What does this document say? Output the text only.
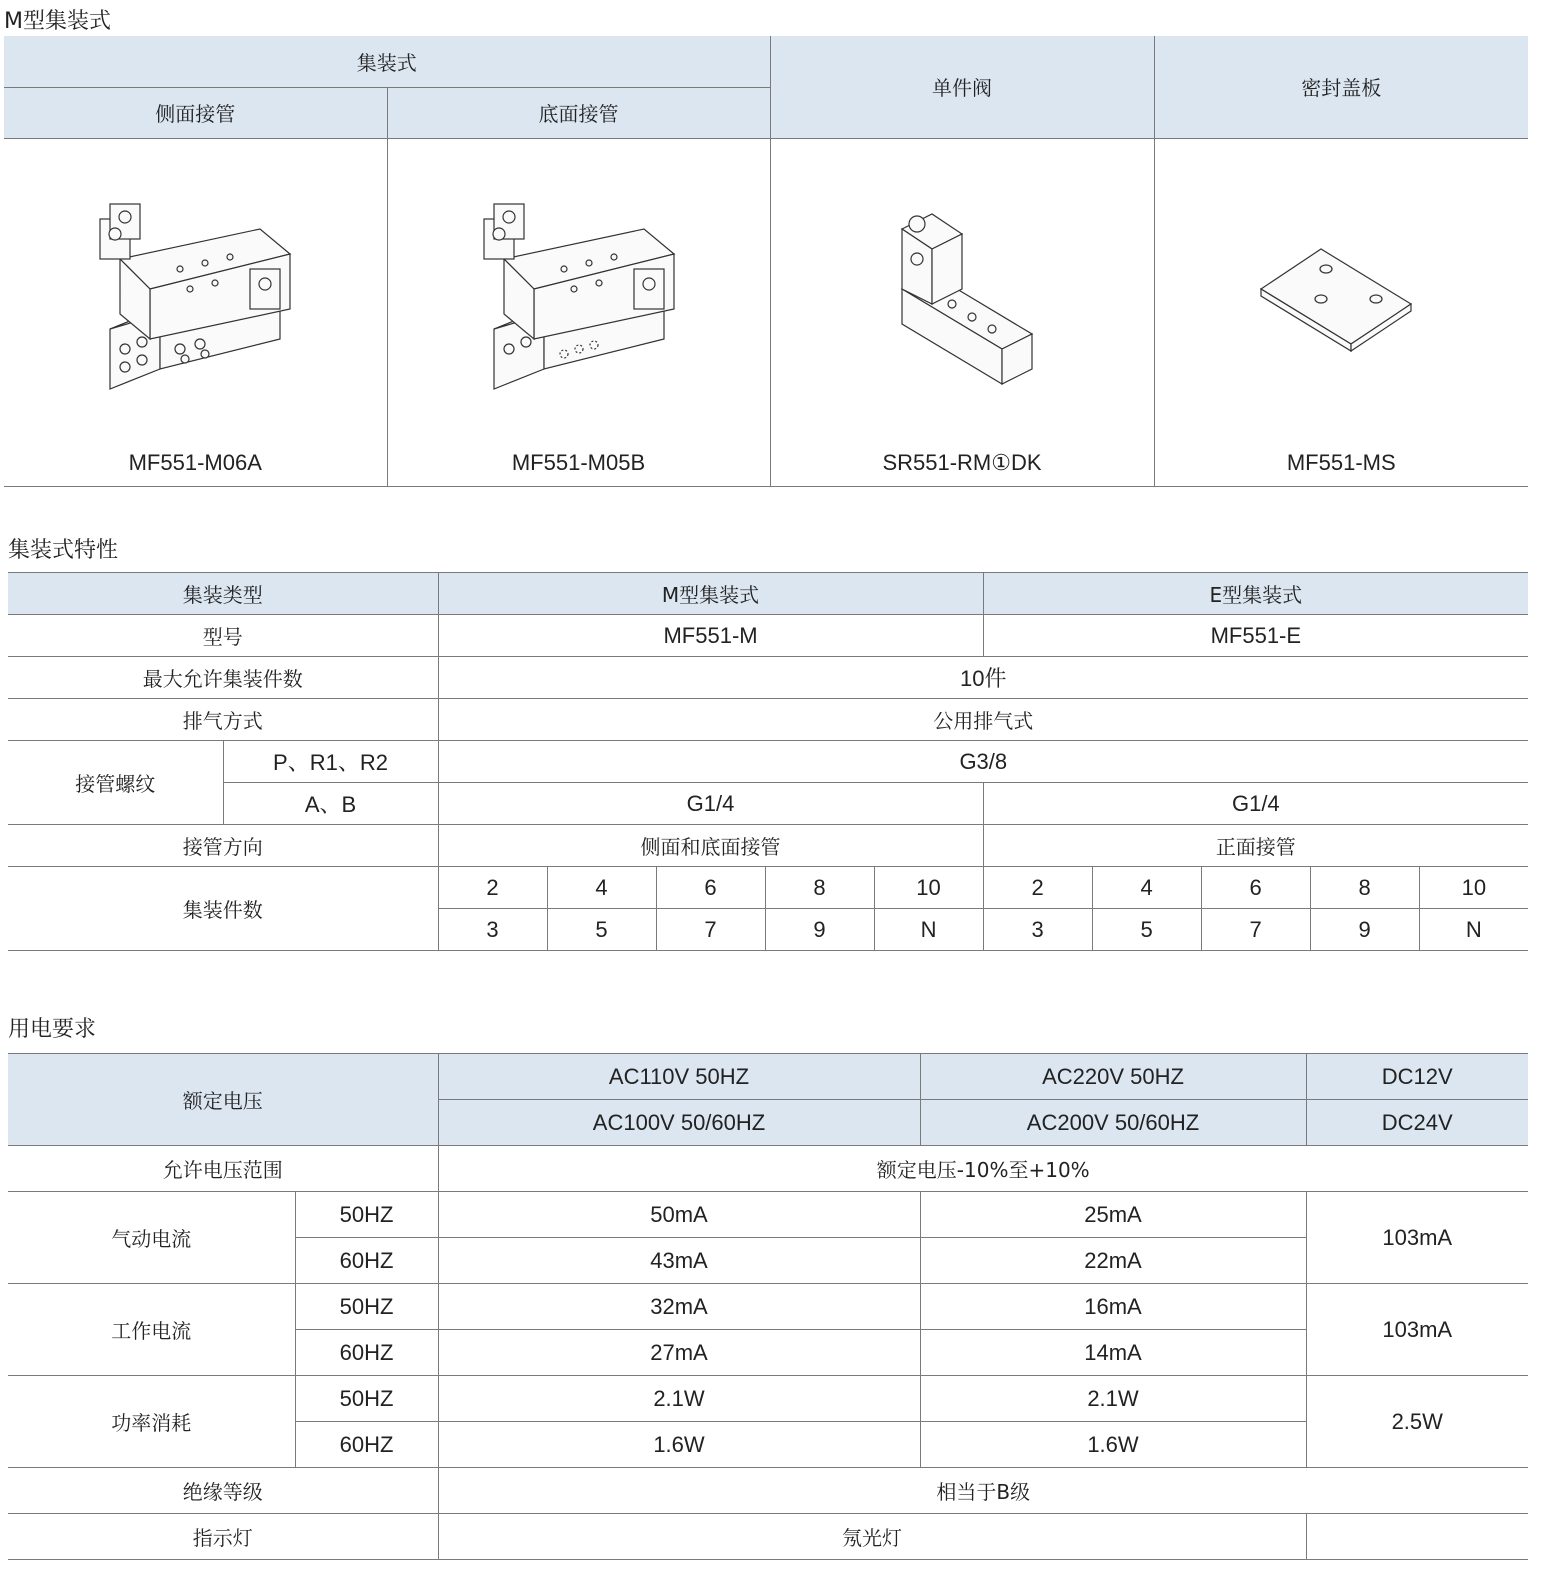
M型集装式
集装式		单件阀	密封盖板
侧面接管	底面接管		

MF551-M06A	MF551-M05B	SR551-RM①DK	MF551-MS
集装式特性
集装类型		M型集装式					E型集装式				
型号		MF551-M					MF551-E				
最大允许集装件数		10件									
排气方式		公用排气式									
接管螺纹	P、R1、R2	G3/8									
	A、B	G1/4					G1/4				
接管方向		侧面和底面接管					正面接管				
集装件数		2	4	6	8	10	2	4	6	8	10
		3	5	7	9	N	3	5	7	9	N
用电要求
额定电压		AC110V 50HZ	AC220V 50HZ	DC12V
		AC100V 50/60HZ	AC200V 50/60HZ	DC24V
允许电压范围		额定电压-10%至+10%		
气动电流	50HZ	50mA	25mA	103mA
	60HZ	43mA	22mA	
工作电流	50HZ	32mA	16mA	103mA
	60HZ	27mA	14mA	
功率消耗	50HZ	2.1W	2.1W	2.5W
	60HZ	1.6W	1.6W	
绝缘等级		相当于B级		
指示灯		氖光灯		
